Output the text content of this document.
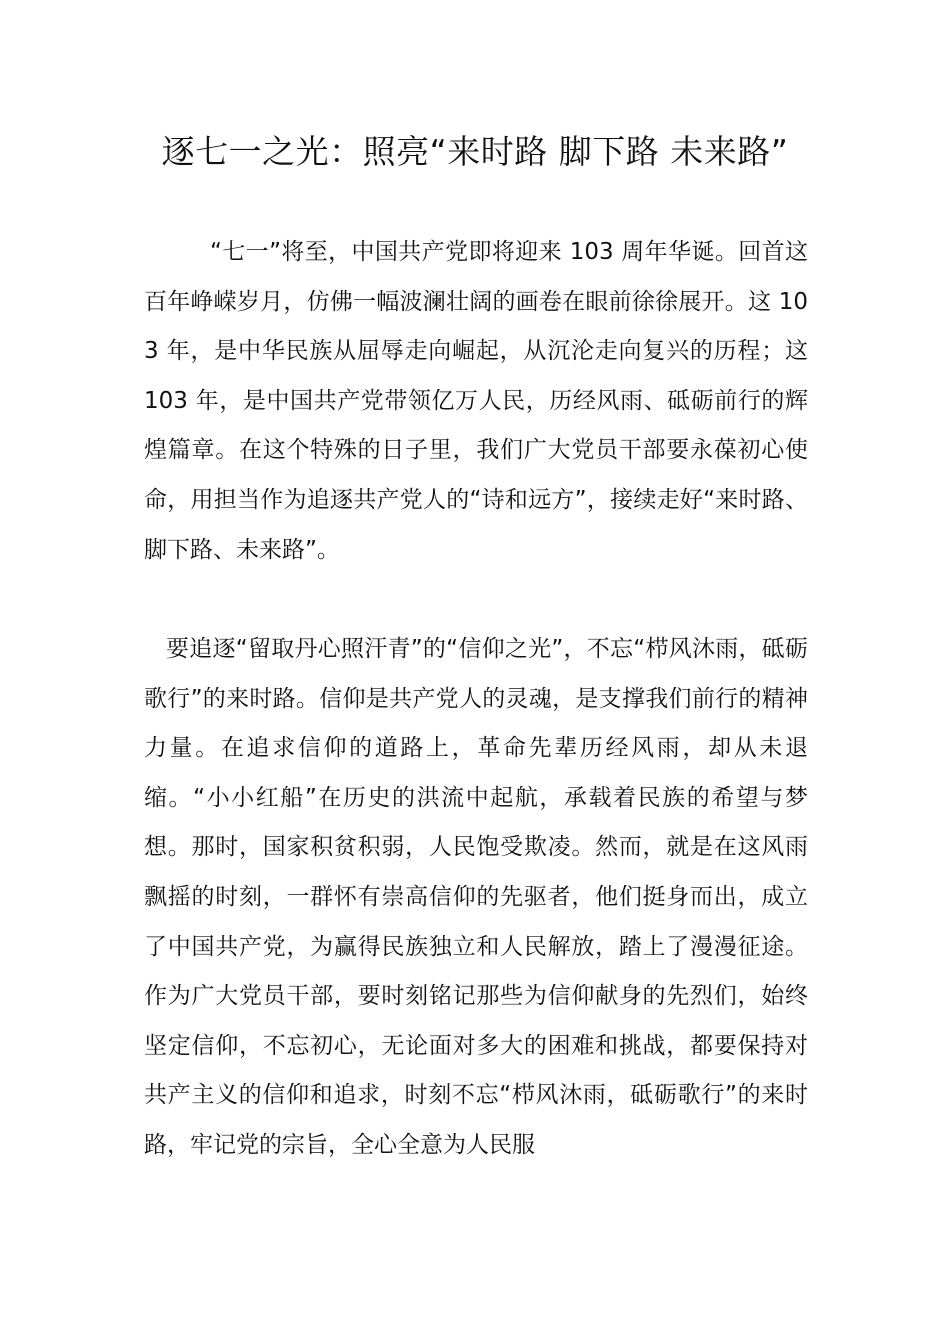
逐七一之光：照亮“来时路 脚下路 未来路”

“七一”将至，中国共产党即将迎来 103 周年华诞。回首这百年峥嵘岁月，仿佛一幅波澜壮阔的画卷在眼前徐徐展开。这 103 年，是中华民族从屈辱走向崛起，从沉沦走向复兴的历程；这 103 年，是中国共产党带领亿万人民，历经风雨、砥砺前行的辉煌篇章。在这个特殊的日子里，我们广大党员干部要永葆初心使命，用担当作为追逐共产党人的“诗和远方”，接续走好“来时路、脚下路、未来路”。

要追逐“留取丹心照汗青”的“信仰之光”，不忘“栉风沐雨，砥砺歌行”的来时路。信仰是共产党人的灵魂，是支撑我们前行的精神力量。在追求信仰的道路上，革命先辈历经风雨，却从未退缩。“小小红船”在历史的洪流中起航，承载着民族的希望与梦想。那时，国家积贫积弱，人民饱受欺凌。然而，就是在这风雨飘摇的时刻，一群怀有崇高信仰的先驱者，他们挺身而出，成立了中国共产党，为赢得民族独立和人民解放，踏上了漫漫征途。作为广大党员干部，要时刻铭记那些为信仰献身的先烈们，始终坚定信仰，不忘初心，无论面对多大的困难和挑战，都要保持对共产主义的信仰和追求，时刻不忘“栉风沐雨，砥砺歌行”的来时路，牢记党的宗旨，全心全意为人民服
